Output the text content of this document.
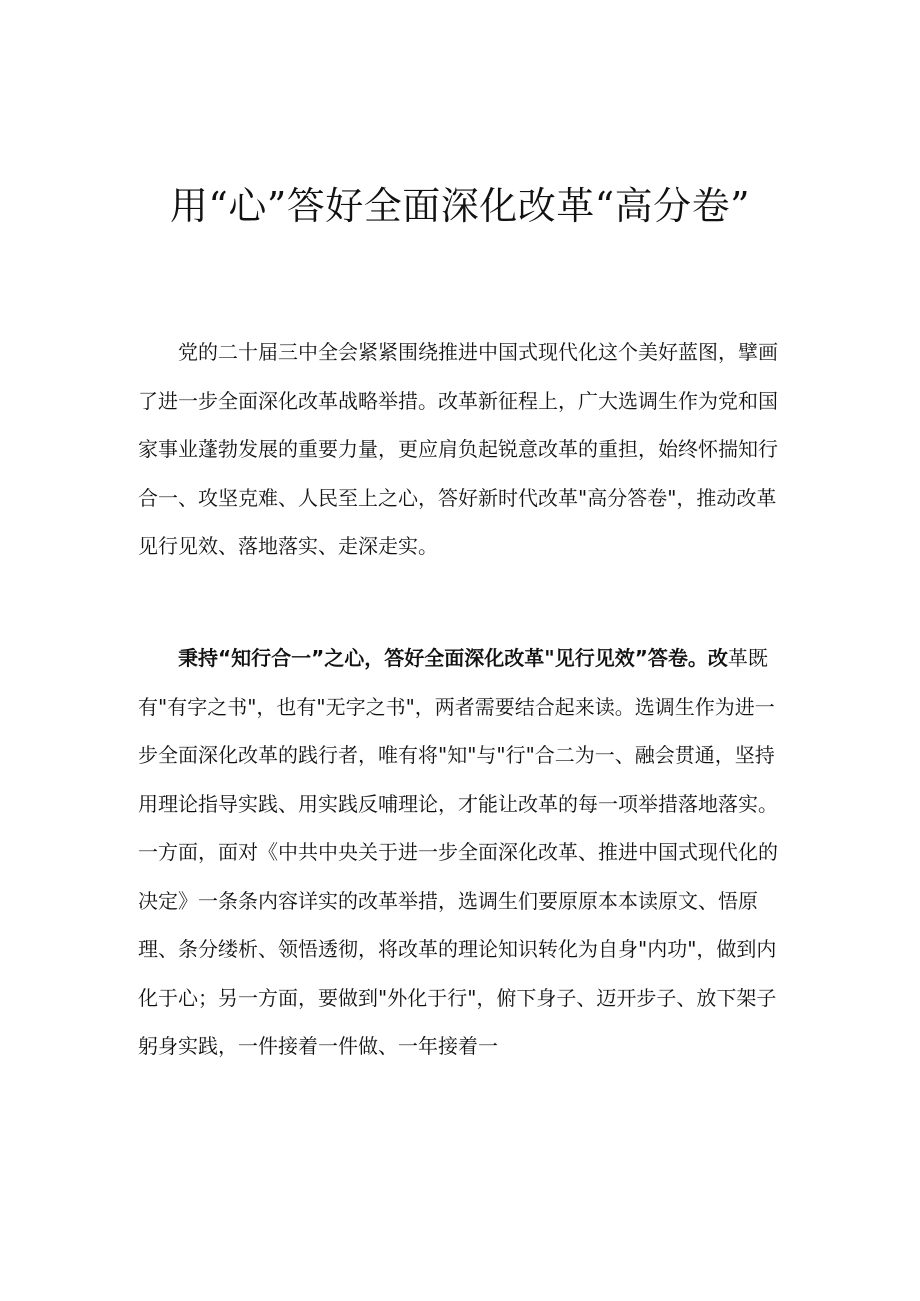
用“心”答好全面深化改革“高分卷”

党的二十届三中全会紧紧围绕推进中国式现代化这个美好蓝图，擘画了进一步全面深化改革战略举措。改革新征程上，广大选调生作为党和国家事业蓬勃发展的重要力量，更应肩负起锐意改革的重担，始终怀揣知行合一、攻坚克难、人民至上之心，答好新时代改革"高分答卷"，推动改革见行见效、落地落实、走深走实。

秉持“知行合一”之心，答好全面深化改革"见行见效”答卷。改革既有"有字之书"，也有"无字之书"，两者需要结合起来读。选调生作为进一步全面深化改革的践行者，唯有将"知"与"行"合二为一、融会贯通，坚持用理论指导实践、用实践反哺理论，才能让改革的每一项举措落地落实。一方面，面对《中共中央关于进一步全面深化改革、推进中国式现代化的决定》一条条内容详实的改革举措，选调生们要原原本本读原文、悟原理、条分缕析、领悟透彻，将改革的理论知识转化为自身"内功"，做到内化于心；另一方面，要做到"外化于行"，俯下身子、迈开步子、放下架子躬身实践，一件接着一件做、一年接着一
